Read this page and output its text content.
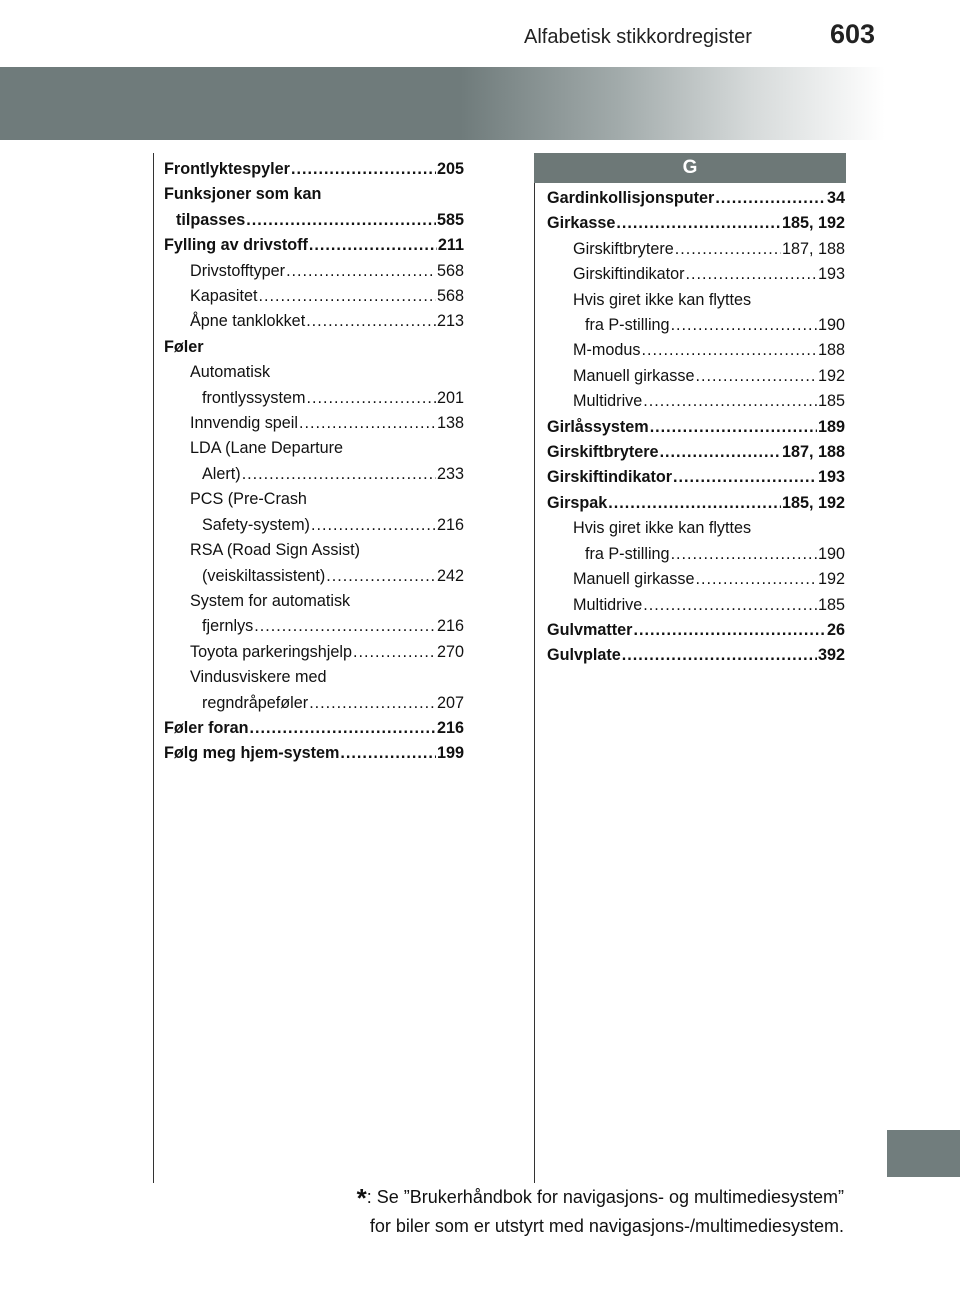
Alfabetisk stikkordregister	603
Frontlyktespyler .....	205
Funksjoner som kan
tilpasses .....	585
Fylling av drivstoff .....	211
Drivstofftyper .....	568
Kapasitet .....	568
Åpne tanklokket .....	213
Føler
Automatisk
frontlyssystem .....	201
Innvendig speil .....	138
LDA (Lane Departure
Alert) .....	233
PCS (Pre-Crash
Safety-system) .....	216
RSA (Road Sign Assist)
(veiskiltassistent) .....	242
System for automatisk
fjernlys .....	216
Toyota parkeringshjelp .....	270
Vindusviskere med
regndråpeføler .....	207
Føler foran .....	216
Følg meg hjem-system .....	199
G
Gardinkollisjonsputer .....	34
Girkasse .....	185, 192
Girskiftbrytere .....	187, 188
Girskiftindikator .....	193
Hvis giret ikke kan flyttes
fra P-stilling .....	190
M-modus .....	188
Manuell girkasse .....	192
Multidrive .....	185
Girlåssystem .....	189
Girskiftbrytere .....	187, 188
Girskiftindikator .....	193
Girspak .....	185, 192
Hvis giret ikke kan flyttes
fra P-stilling .....	190
Manuell girkasse .....	192
Multidrive .....	185
Gulvmatter .....	26
Gulvplate .....	392
*: Se ”Brukerhåndbok for navigasjons- og multimediesystem”
for biler som er utstyrt med navigasjons-/multimediesystem.
